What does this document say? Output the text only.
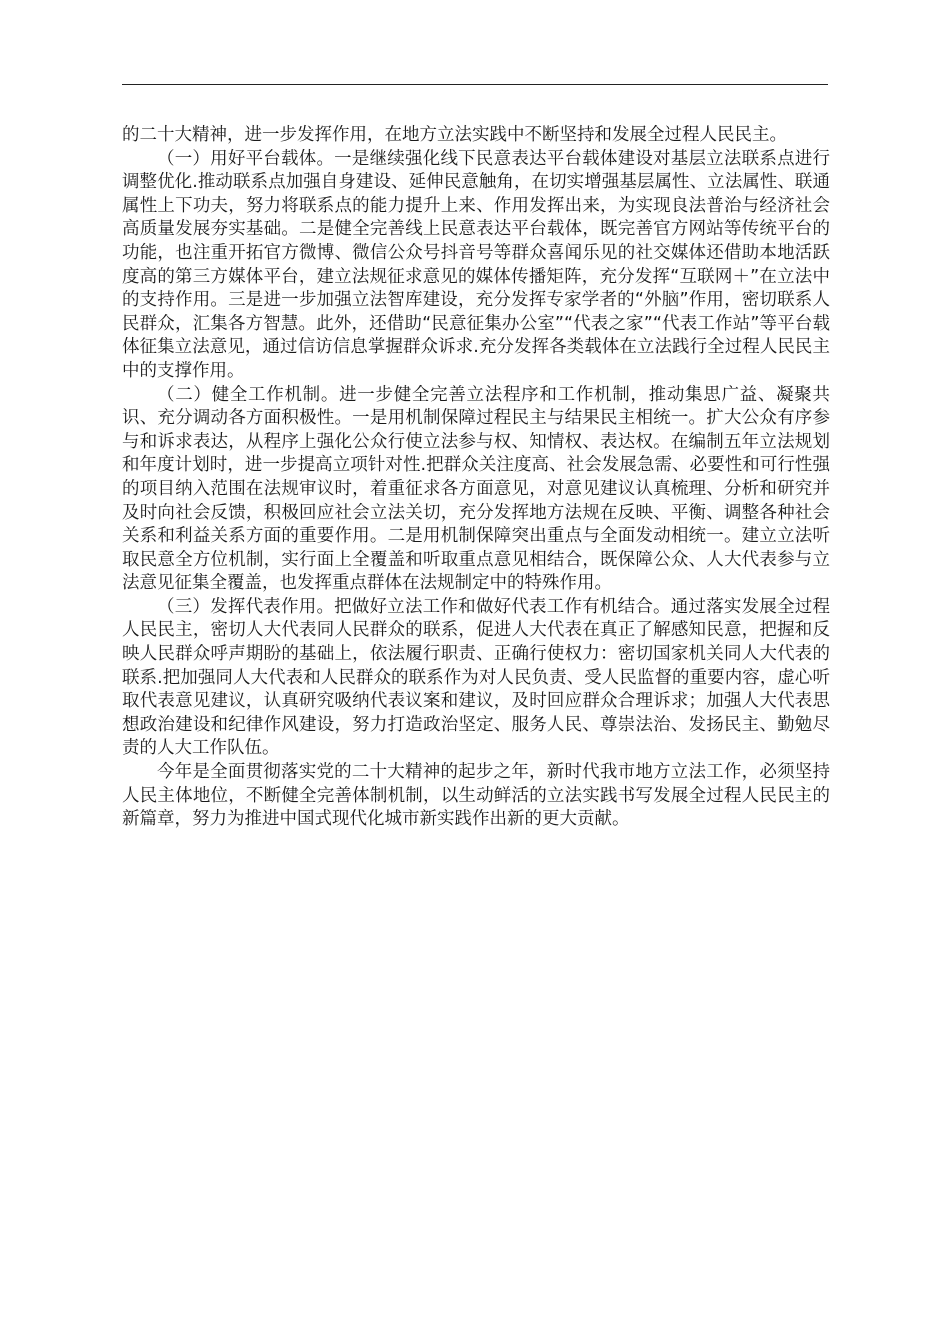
的二十大精神，进一步发挥作用，在地方立法实践中不断坚持和发展全过程人民民主。

（一）用好平台载体。一是继续强化线下民意表达平台载体建设对基层立法联系点进行调整优化.推动联系点加强自身建设、延伸民意触角，在切实增强基层属性、立法属性、联通属性上下功夫，努力将联系点的能力提升上来、作用发挥出来，为实现良法普治与经济社会高质量发展夯实基础。二是健全完善线上民意表达平台载体，既完善官方网站等传统平台的功能，也注重开拓官方微博、微信公众号抖音号等群众喜闻乐见的社交媒体还借助本地活跃度高的第三方媒体平台，建立法规征求意见的媒体传播矩阵，充分发挥“互联网＋”在立法中的支持作用。三是进一步加强立法智库建设，充分发挥专家学者的“外脑”作用，密切联系人民群众，汇集各方智慧。此外，还借助“民意征集办公室”“代表之家”“代表工作站”等平台载体征集立法意见，通过信访信息掌握群众诉求.充分发挥各类载体在立法践行全过程人民民主中的支撑作用。

（二）健全工作机制。进一步健全完善立法程序和工作机制，推动集思广益、凝聚共识、充分调动各方面积极性。一是用机制保障过程民主与结果民主相统一。扩大公众有序参与和诉求表达，从程序上强化公众行使立法参与权、知情权、表达权。在编制五年立法规划和年度计划时，进一步提高立项针对性.把群众关注度高、社会发展急需、必要性和可行性强的项目纳入范围在法规审议时，着重征求各方面意见，对意见建议认真梳理、分析和研究并及时向社会反馈，积极回应社会立法关切，充分发挥地方法规在反映、平衡、调整各种社会关系和利益关系方面的重要作用。二是用机制保障突出重点与全面发动相统一。建立立法听取民意全方位机制，实行面上全覆盖和听取重点意见相结合，既保障公众、人大代表参与立法意见征集全覆盖，也发挥重点群体在法规制定中的特殊作用。

（三）发挥代表作用。把做好立法工作和做好代表工作有机结合。通过落实发展全过程人民民主，密切人大代表同人民群众的联系，促进人大代表在真正了解感知民意，把握和反映人民群众呼声期盼的基础上，依法履行职责、正确行使权力：密切国家机关同人大代表的联系.把加强同人大代表和人民群众的联系作为对人民负责、受人民监督的重要内容，虚心听取代表意见建议，认真研究吸纳代表议案和建议，及时回应群众合理诉求；加强人大代表思想政治建设和纪律作风建设，努力打造政治坚定、服务人民、尊崇法治、发扬民主、勤勉尽责的人大工作队伍。

今年是全面贯彻落实党的二十大精神的起步之年，新时代我市地方立法工作，必须坚持人民主体地位，不断健全完善体制机制，以生动鲜活的立法实践书写发展全过程人民民主的新篇章，努力为推进中国式现代化城市新实践作出新的更大贡献。
